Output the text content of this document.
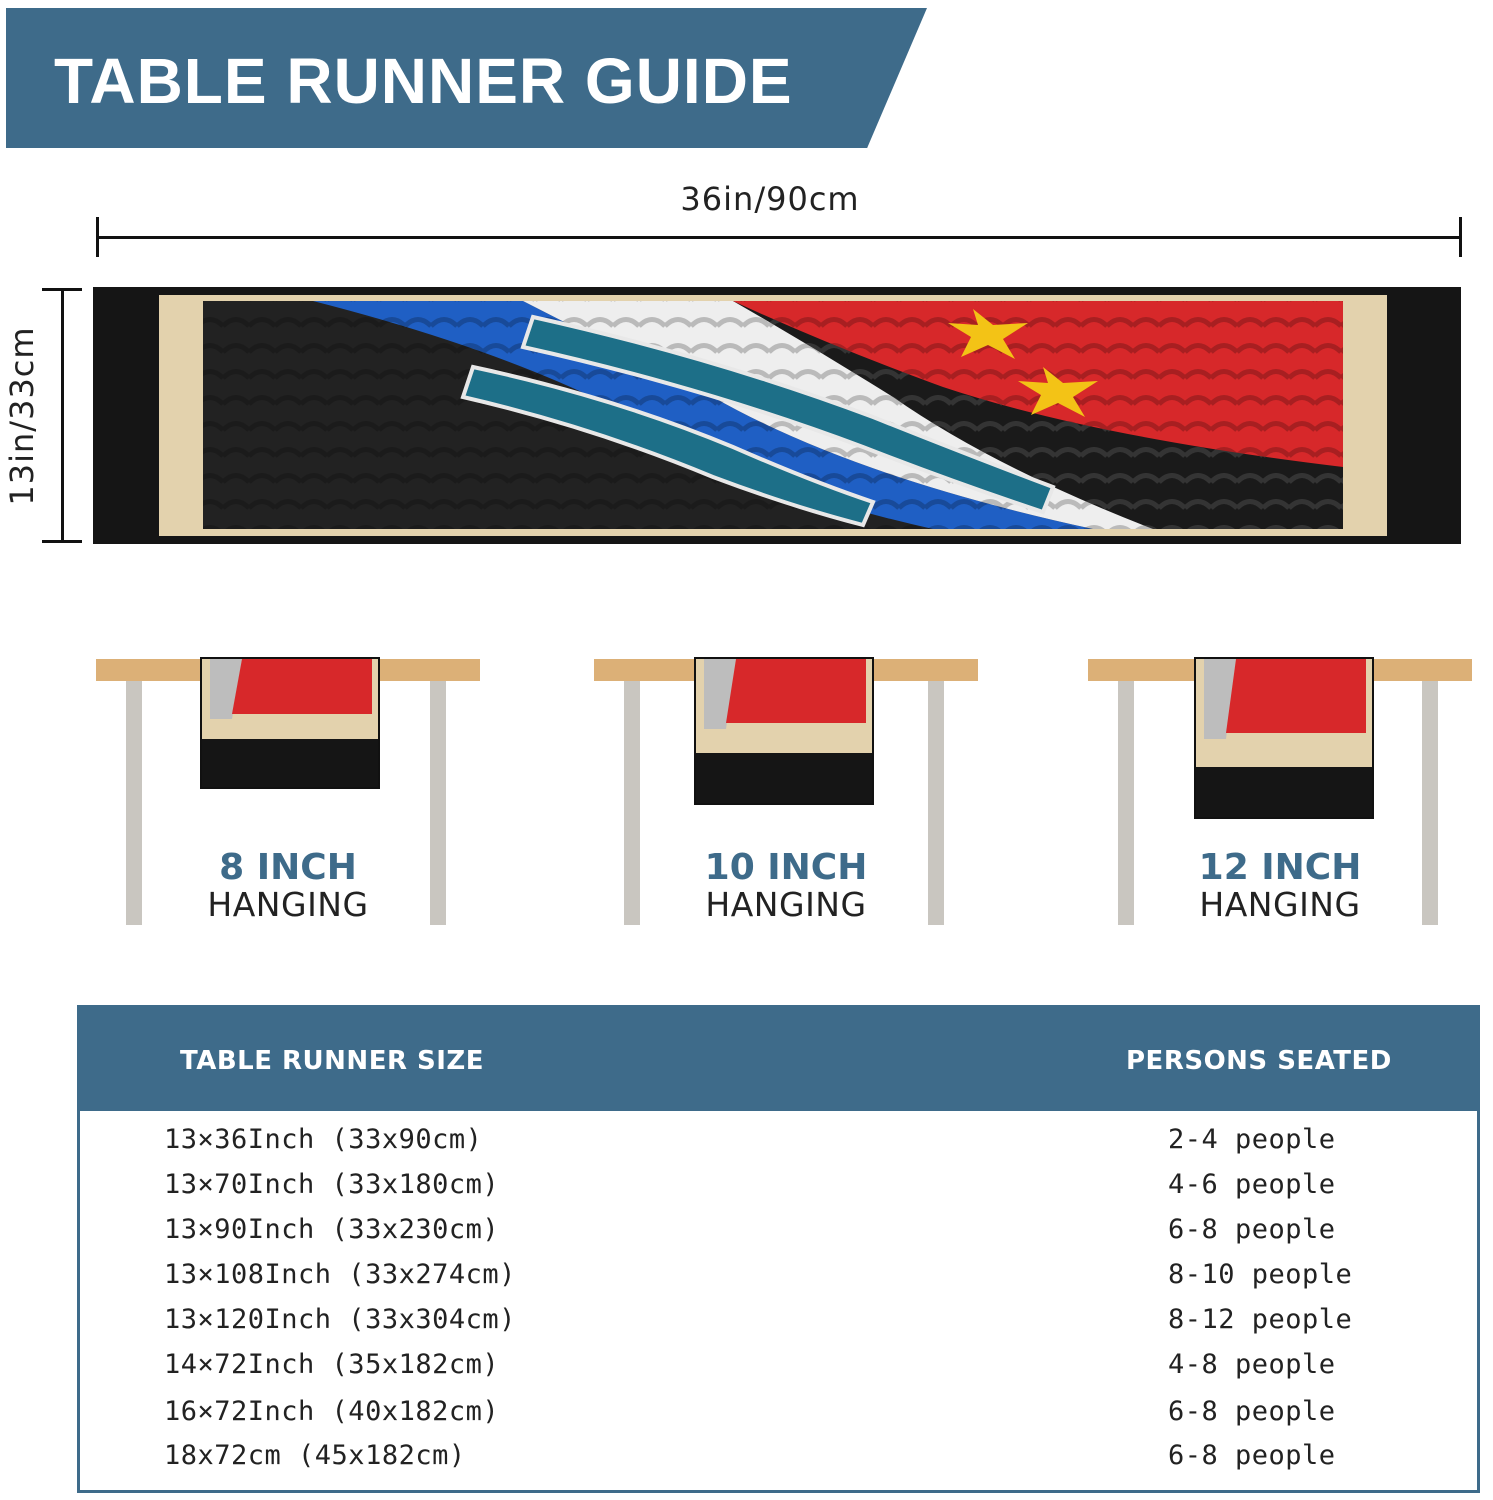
TABLE RUNNER GUIDE
36in/90cm
13in/33cm
8 INCH
HANGING
10 INCH
HANGING
12 INCH
HANGING
TABLE RUNNER SIZE	PERSONS SEATED
13×36Inch (33x90cm)	2-4 people
13×70Inch (33x180cm)	4-6 people
13×90Inch (33x230cm)	6-8 people
13×108Inch (33x274cm)	8-10 people
13×120Inch (33x304cm)	8-12 people
14×72Inch (35x182cm)	4-8 people
16×72Inch (40x182cm)	6-8 people
18x72cm (45x182cm)	6-8 people
